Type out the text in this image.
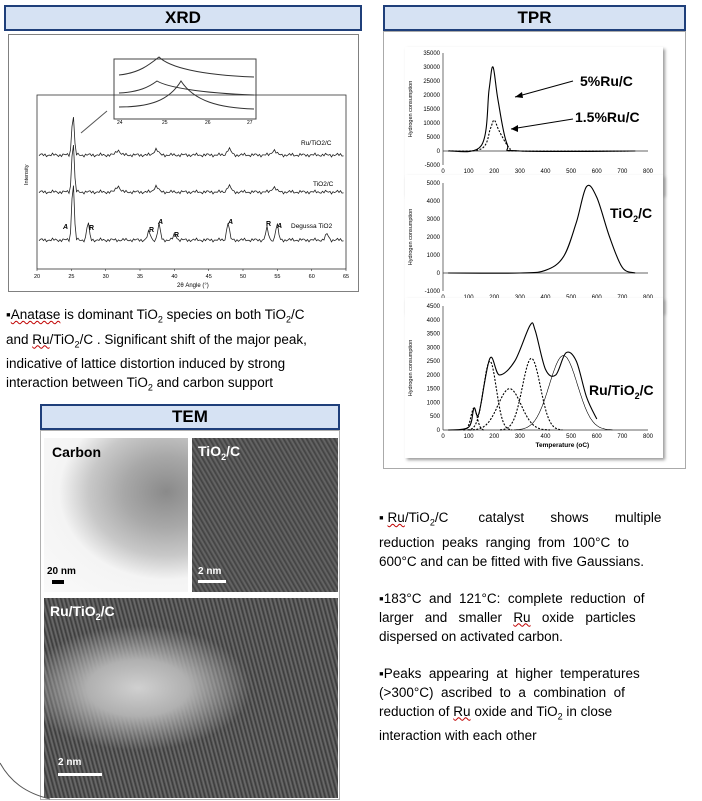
XRD
24	25	26	27
Ru/TiO2/C
TiO2/C
Degussa TiO2
A	R	R
A
R
A	R A
20	25	30	35	40	45	50	55	60	65
2θ Angle (°)
Intensity
▪Anatase is dominant TiO$_2$ species on both TiO$_2$/C
and Ru/TiO$_2$/C . Significant shift of the major peak,
indicative of lattice distortion induced by strong
interaction between TiO$_2$ and carbon support
TEM
Carbon
20 nm
TiO$_2$/C
2 nm
Ru/TiO$_2$/C
2 nm
TPR
-5000
0
5000
10000
15000
20000
25000
30000
35000
0	100	200	300	400	500	600	700	800
Hydrogen consumption	5%Ru/C
1.5%Ru/C
-1000
0
1000
2000
3000
4000
5000
Hydrogen consumption	TiO$_2$/C
0
500
1000
1500
2000
2500
3000
3500
4000
4500
0	100	200	300	400	500	600	700	800
Temperature (oC)
Hydrogen consumption	Ru/TiO$_2$/C
▪ Ru/TiO$_2$/C        catalyst       shows       multiple
reduction  peaks  ranging  from  100°C  to
600°C and can be fitted with five Gaussians.
▪183°C  and  121°C:  complete  reduction  of
larger   and   smaller   Ru   oxide   particles
dispersed on activated carbon.
▪Peaks  appearing  at  higher  temperatures
(>300°C)  ascribed  to  a  combination  of
reduction of Ru oxide and TiO$_2$ in close
interaction with each other
